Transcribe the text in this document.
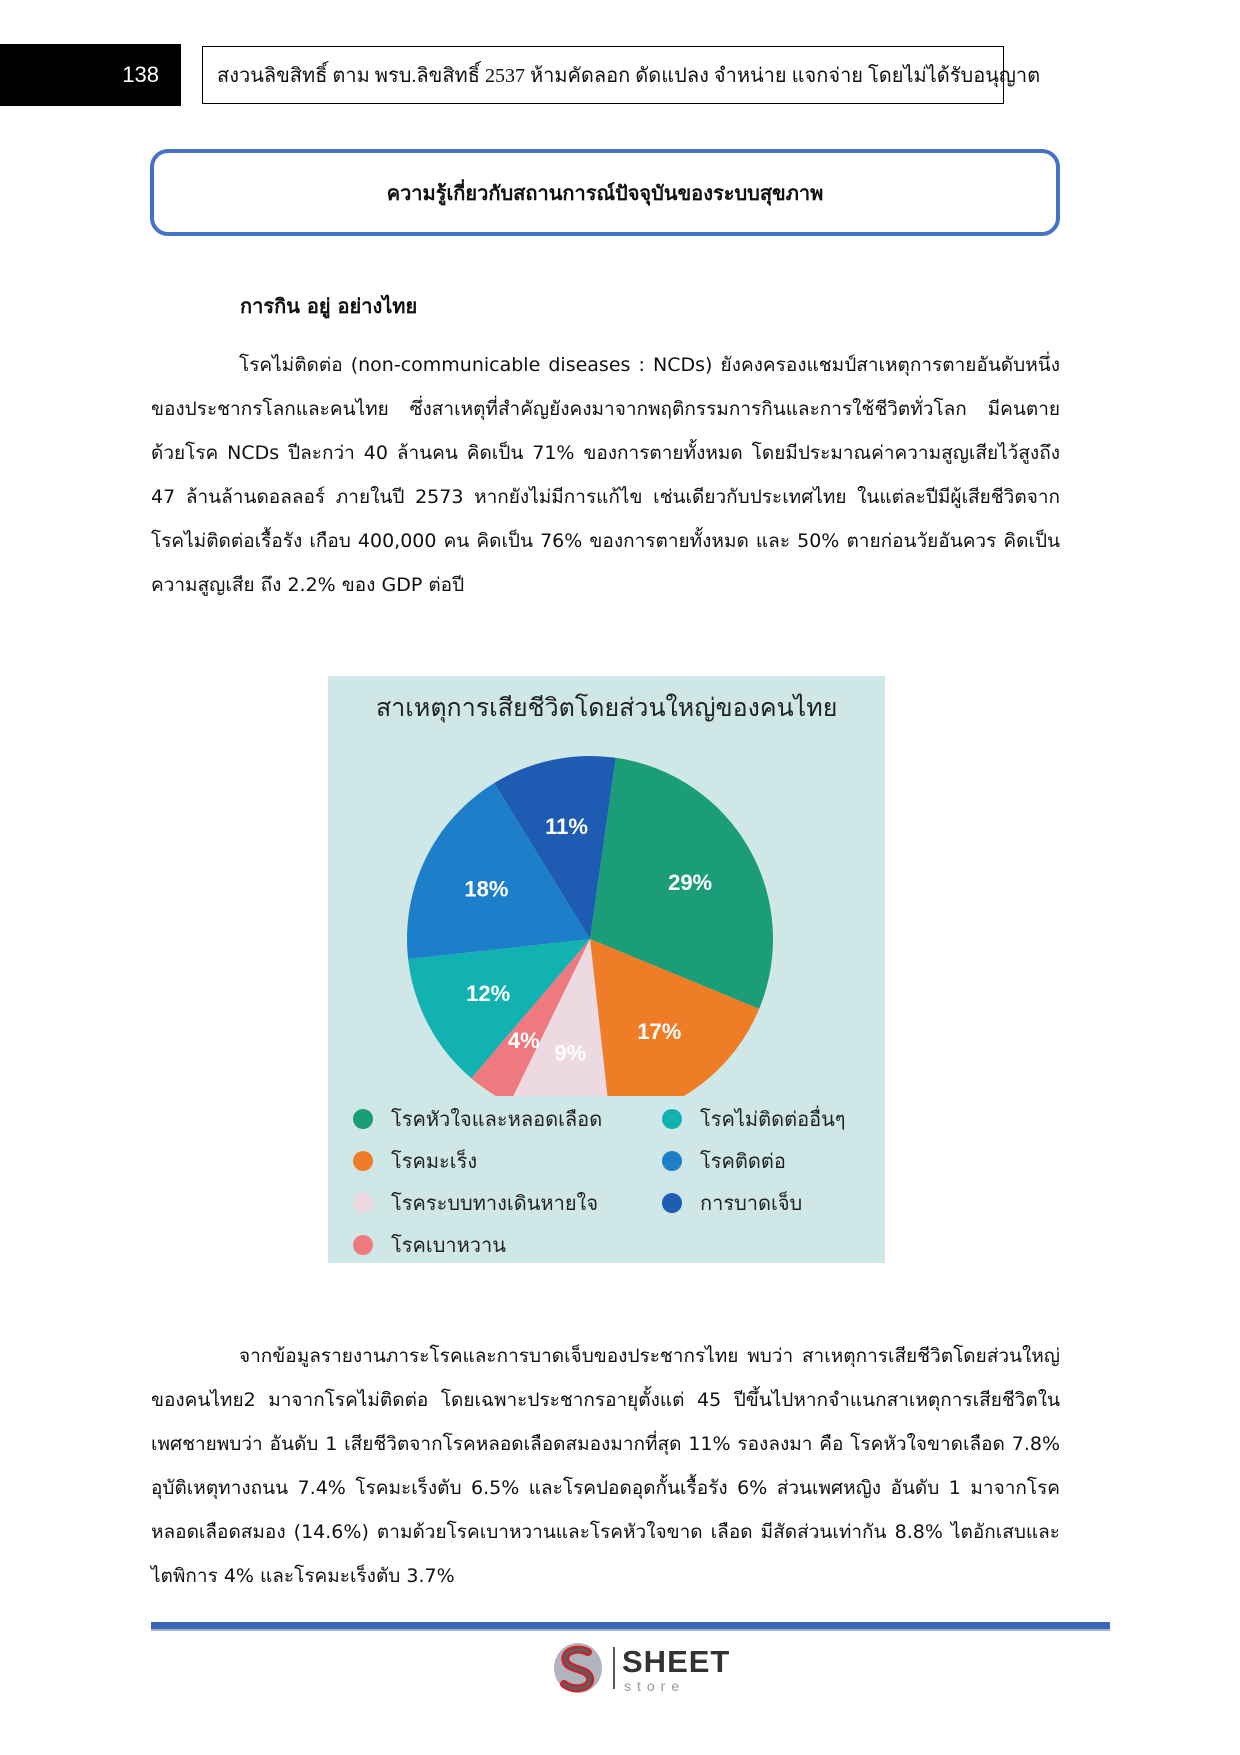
138	สงวนลิขสิทธิ์ ตาม พรบ.ลิขสิทธิ์ 2537 ห้ามคัดลอก ดัดแปลง จำหน่าย แจกจ่าย โดยไม่ได้รับอนุญาต
ความรู้เกี่ยวกับสถานการณ์ปัจจุบันของระบบสุขภาพ
การกิน อยู่ อย่างไทย

โรคไม่ติดต่อ (non-communicable diseases : NCDs) ยังคงครองแชมป์สาเหตุการตายอันดับหนึ่ง ของประชากรโลกและคนไทย ซึ่งสาเหตุที่สำคัญยังคงมาจากพฤติกรรมการกินและการใช้ชีวิตทั่วโลก มีคนตายด้วยโรค NCDs ปีละกว่า 40 ล้านคน คิดเป็น 71% ของการตายทั้งหมด โดยมีประมาณค่าความสูญเสียไว้สูงถึง 47 ล้านล้านดอลลอร์ ภายในปี 2573 หากยังไม่มีการแก้ไข เช่นเดียวกับประเทศไทย ในแต่ละปีมีผู้เสียชีวิตจากโรคไม่ติดต่อเรื้อรัง เกือบ 400,000 คน คิดเป็น 76% ของการตายทั้งหมด และ 50% ตายก่อนวัยอันควร คิดเป็นความสูญเสีย ถึง 2.2% ของ GDP ต่อปี

สาเหตุการเสียชีวิตโดยส่วนใหญ่ของคนไทย
29%
17%
9%
4%
12%
18%
11%
โรคหัวใจและหลอดเลือด	โรคไม่ติดต่ออื่นๆ
โรคมะเร็ง	โรคติดต่อ
โรคระบบทางเดินหายใจ	การบาดเจ็บ
โรคเบาหวาน

จากข้อมูลรายงานภาระโรคและการบาดเจ็บของประชากรไทย พบว่า สาเหตุการเสียชีวิตโดยส่วนใหญ่ของคนไทย2 มาจากโรคไม่ติดต่อ โดยเฉพาะประชากรอายุตั้งแต่ 45 ปีขึ้นไปหากจำแนกสาเหตุการเสียชีวิตในเพศชายพบว่า อันดับ 1 เสียชีวิตจากโรคหลอดเลือดสมองมากที่สุด 11% รองลงมา คือ โรคหัวใจขาดเลือด 7.8% อุบัติเหตุทางถนน 7.4% โรคมะเร็งตับ 6.5% และโรคปอดอุดกั้นเรื้อรัง 6% ส่วนเพศหญิง อันดับ 1 มาจากโรคหลอดเลือดสมอง (14.6%) ตามด้วยโรคเบาหวานและโรคหัวใจขาด เลือด มีสัดส่วนเท่ากัน 8.8% ไตอักเสบและไตพิการ 4% และโรคมะเร็งตับ 3.7%

SHEET
store
